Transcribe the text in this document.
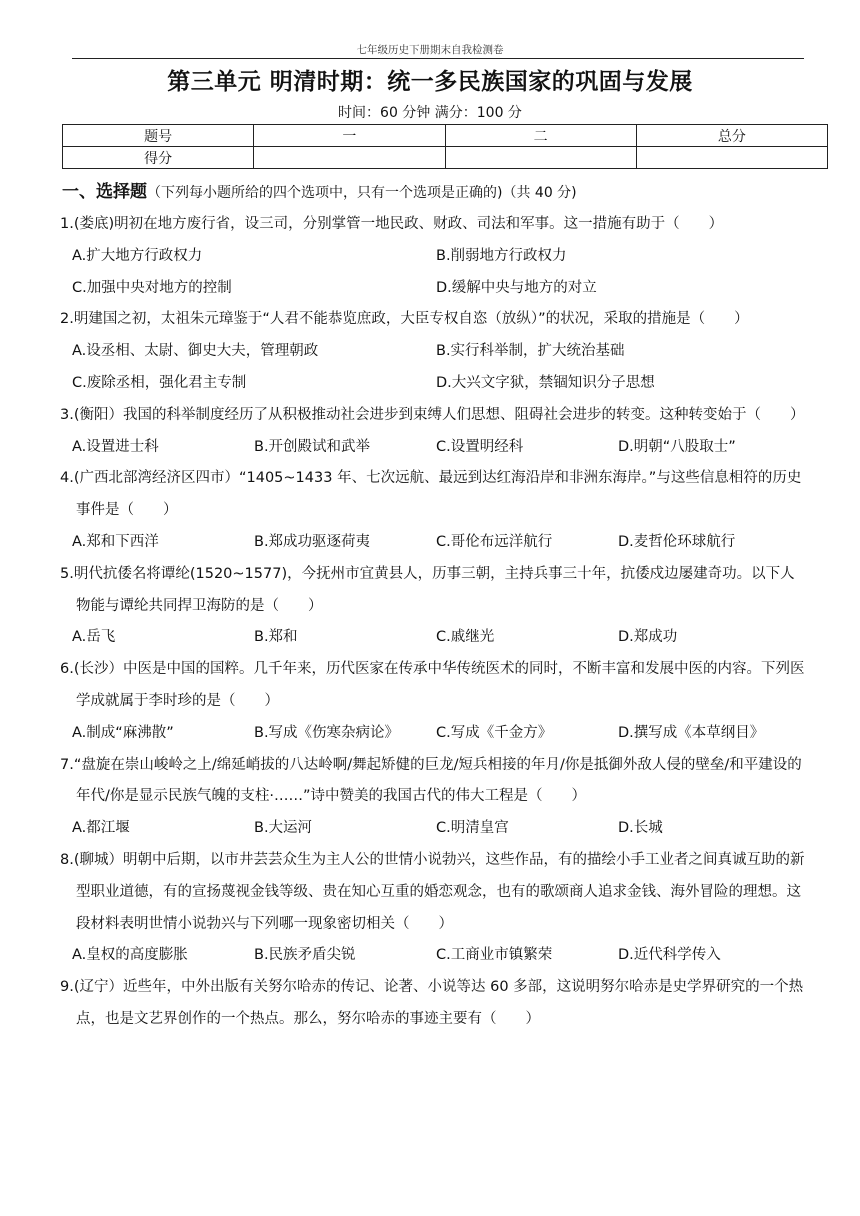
七年级历史下册期末自我检测卷
第三单元 明清时期：统一多民族国家的巩固与发展
时间：60 分钟 满分：100 分
题号	一	二	总分
得分			
一、选择题（下列每小题所给的四个选项中，只有一个选项是正确的)（共 40 分)
1.(娄底)明初在地方废行省，设三司，分别掌管一地民政、财政、司法和军事。这一措施有助于（　　）
A.扩大地方行政权力	B.削弱地方行政权力
C.加强中央对地方的控制	D.缓解中央与地方的对立
2.明建国之初，太祖朱元璋鉴于“人君不能恭览庶政，大臣专权自恣（放纵）”的状况，采取的措施是（　　）
A.设丞相、太尉、御史大夫，管理朝政	B.实行科举制，扩大统治基础
C.废除丞相，强化君主专制	D.大兴文字狱，禁锢知识分子思想
3.(衡阳）我国的科举制度经历了从积极推动社会进步到束缚人们思想、阻碍社会进步的转变。这种转变始于（　　）
A.设置进士科	B.开创殿试和武举	C.设置明经科	D.明朝“八股取士”
4.(广西北部湾经济区四市）“1405~1433 年、七次远航、最远到达红海沿岸和非洲东海岸。”与这些信息相符的历史事件是（　　）
A.郑和下西洋	B.郑成功驱逐荷夷	C.哥伦布远洋航行	D.麦哲伦环球航行
5.明代抗倭名将谭纶(1520~1577)，今抚州市宜黄县人，历事三朝，主持兵事三十年，抗倭戍边屡建奇功。以下人物能与谭纶共同捍卫海防的是（　　）
A.岳飞	B.郑和	C.戚继光	D.郑成功
6.(长沙）中医是中国的国粹。几千年来，历代医家在传承中华传统医术的同时，不断丰富和发展中医的内容。下列医学成就属于李时珍的是（　　）
A.制成“麻沸散”	B.写成《伤寒杂病论》	C.写成《千金方》	D.撰写成《本草纲目》
7.“盘旋在崇山峻岭之上/绵延峭拔的八达岭啊/舞起矫健的巨龙/短兵相接的年月/你是抵御外敌人侵的壁垒/和平建设的年代/你是显示民族气魄的支柱·……”诗中赞美的我国古代的伟大工程是（　　）
A.都江堰	B.大运河	C.明清皇宫	D.长城
8.(聊城）明朝中后期，以市井芸芸众生为主人公的世情小说勃兴，这些作品，有的描绘小手工业者之间真诚互助的新型职业道德，有的宣扬蔑视金钱等级、贵在知心互重的婚恋观念，也有的歌颂商人追求金钱、海外冒险的理想。这段材料表明世情小说勃兴与下列哪一现象密切相关（　　）
A.皇权的高度膨胀	B.民族矛盾尖锐	C.工商业市镇繁荣	D.近代科学传入
9.(辽宁）近些年，中外出版有关努尔哈赤的传记、论著、小说等达 60 多部，这说明努尔哈赤是史学界研究的一个热点，也是文艺界创作的一个热点。那么，努尔哈赤的事迹主要有（　　）
